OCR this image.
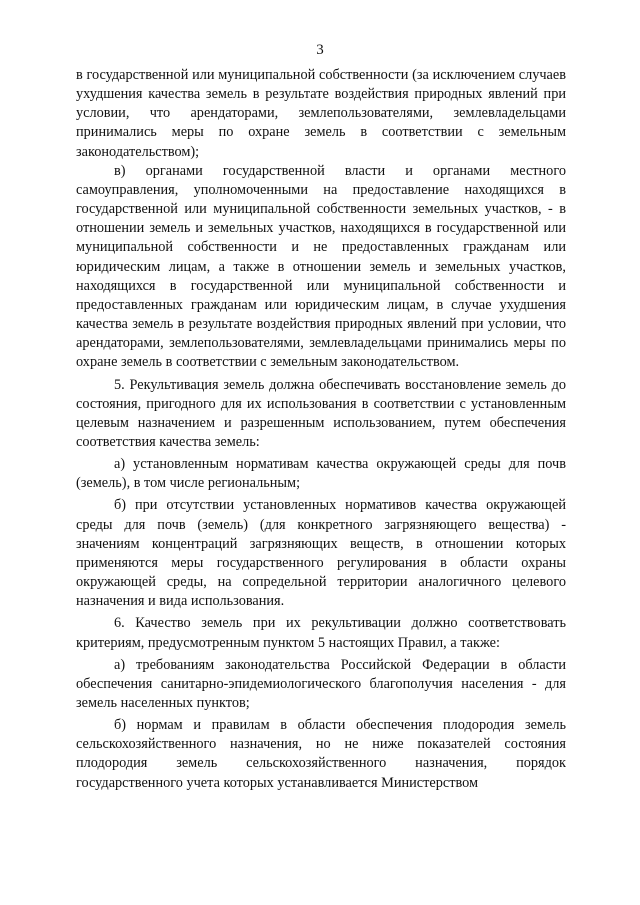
3

в государственной или муниципальной собственности (за исключением случаев ухудшения качества земель в результате воздействия природных явлений при условии, что арендаторами, землепользователями, землевладельцами принимались меры по охране земель в соответствии с земельным законодательством);

в) органами государственной власти и органами местного самоуправления, уполномоченными на предоставление находящихся в государственной или муниципальной собственности земельных участков, - в отношении земель и земельных участков, находящихся в государственной или муниципальной собственности и не предоставленных гражданам или юридическим лицам, а также в отношении земель и земельных участков, находящихся в государственной или муниципальной собственности и предоставленных гражданам или юридическим лицам, в случае ухудшения качества земель в результате воздействия природных явлений при условии, что арендаторами, землепользователями, землевладельцами принимались меры по охране земель в соответствии с земельным законодательством.

5. Рекультивация земель должна обеспечивать восстановление земель до состояния, пригодного для их использования в соответствии с установленным целевым назначением и разрешенным использованием, путем обеспечения соответствия качества земель:

а) установленным нормативам качества окружающей среды для почв (земель), в том числе региональным;

б) при отсутствии установленных нормативов качества окружающей среды для почв (земель) (для конкретного загрязняющего вещества) - значениям концентраций загрязняющих веществ, в отношении которых применяются меры государственного регулирования в области охраны окружающей среды, на сопредельной территории аналогичного целевого назначения и вида использования.

6. Качество земель при их рекультивации должно соответствовать критериям, предусмотренным пунктом 5 настоящих Правил, а также:

а) требованиям законодательства Российской Федерации в области обеспечения санитарно-эпидемиологического благополучия населения - для земель населенных пунктов;

б) нормам и правилам в области обеспечения плодородия земель сельскохозяйственного назначения, но не ниже показателей состояния плодородия земель сельскохозяйственного назначения, порядок государственного учета которых устанавливается Министерством
